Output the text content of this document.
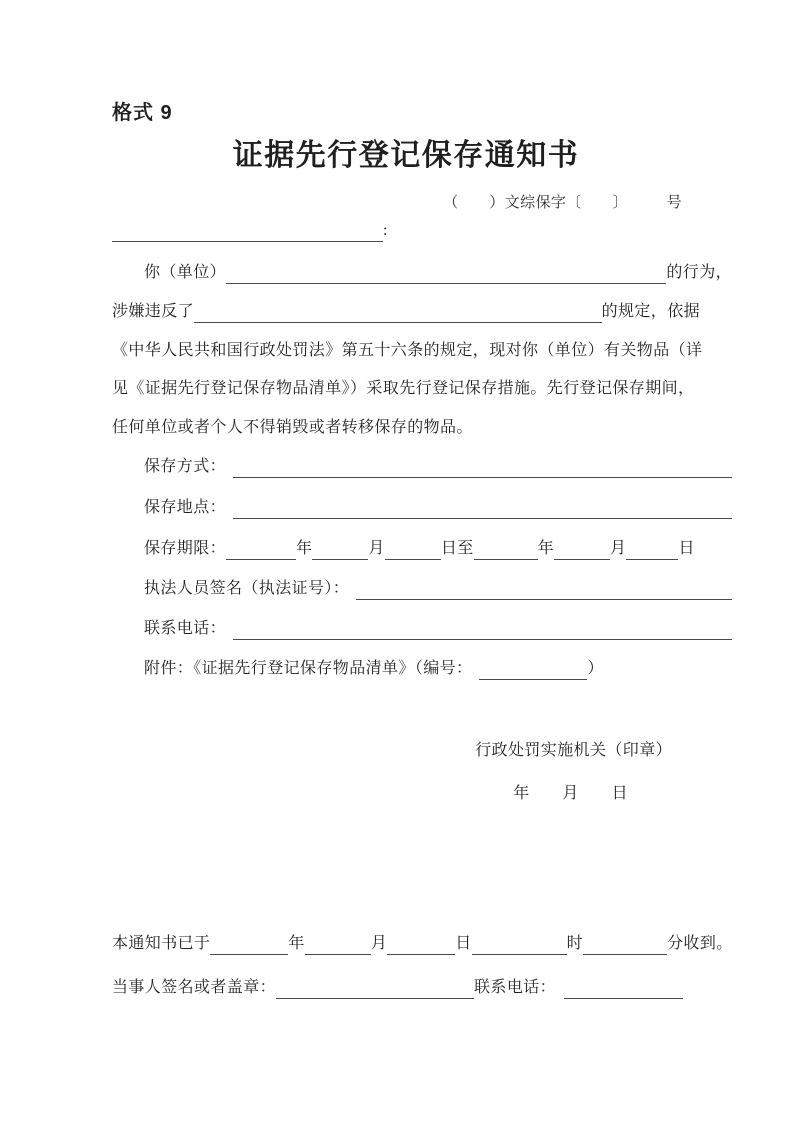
格式 9
证据先行登记保存通知书
（　　）文综保字〔　　〕　　　号
:
你（单位）	的行为，
涉嫌违反了	的规定，依据
《中华人民共和国行政处罚法》第五十六条的规定，现对你（单位）有关物品（详
见《证据先行登记保存物品清单》）采取先行登记保存措施。先行登记保存期间，
任何单位或者个人不得销毁或者转移保存的物品。
保存方式：
保存地点：
保存期限：	年	月	日至	年	月	日
执法人员签名（执法证号）：
联系电话：
附件：《证据先行登记保存物品清单》（编号：	）
行政处罚实施机关（印章）
年　　月　　日
本通知书已于	年	月	日	时	分收到。
当事人签名或者盖章：	联系电话：
